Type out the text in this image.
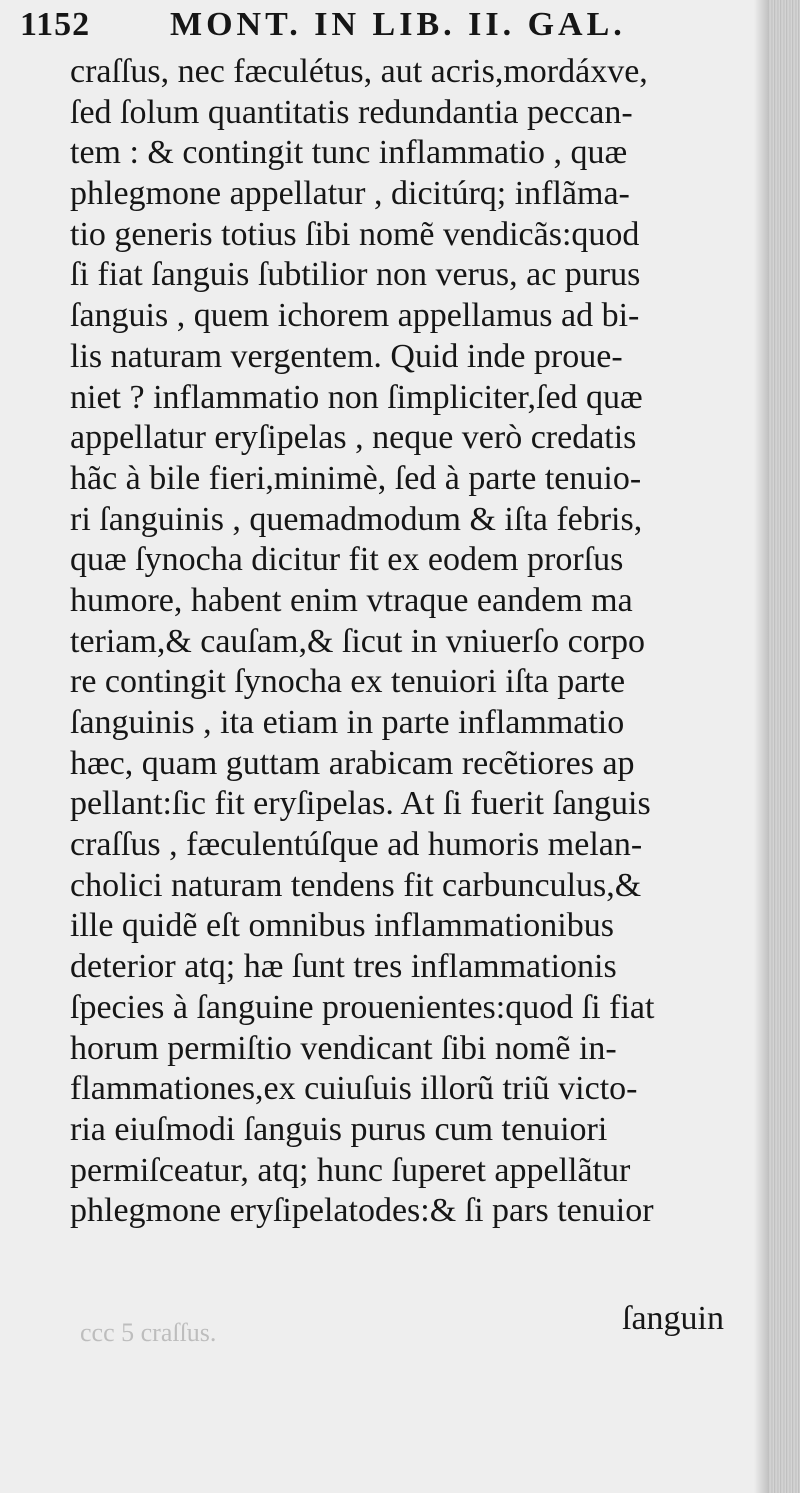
1152 MONT. IN LIB. II. GAL.
craſſus, nec fæculétus, aut acris,mordáxve,
ſed ſolum quantitatis redundantia peccan-
tem : & contingit tunc inflammatio , quæ
phlegmone appellatur , dicitúrq; inflãma-
tio generis totius ſibi nomẽ vendicãs:quod
ſi fiat ſanguis ſubtilior non verus, ac purus
ſanguis , quem ichorem appellamus ad bi-
lis naturam vergentem. Quid inde proue-
niet ? inflammatio non ſimpliciter,ſed quæ
appellatur eryſipelas , neque verò credatis
hãc à bile fieri,minimè, ſed à parte tenuio-
ri ſanguinis , quemadmodum & iſta febris,
quæ ſynocha dicitur fit ex eodem prorſus
humore, habent enim vtraque eandem ma
teriam,& cauſam,& ſicut in vniuerſo corpo
re contingit ſynocha ex tenuiori iſta parte
ſanguinis , ita etiam in parte inflammatio
hæc, quam guttam arabicam recẽtiores ap
pellant:ſic fit eryſipelas. At ſi fuerit ſanguis
craſſus , fæculentúſque ad humoris melan-
cholici naturam tendens fit carbunculus,&
ille quidẽ eſt omnibus inflammationibus
deterior atq; hæ ſunt tres inflammationis
ſpecies à ſanguine prouenientes:quod ſi fiat
horum permiſtio vendicant ſibi nomẽ in-
flammationes,ex cuiuſuis illorũ triũ victo-
ria eiuſmodi ſanguis purus cum tenuiori
permiſceatur, atq; hunc ſuperet appellãtur
phlegmone eryſipelatodes:& ſi pars tenuior
ſanguin
ccc 5 craſſus.
